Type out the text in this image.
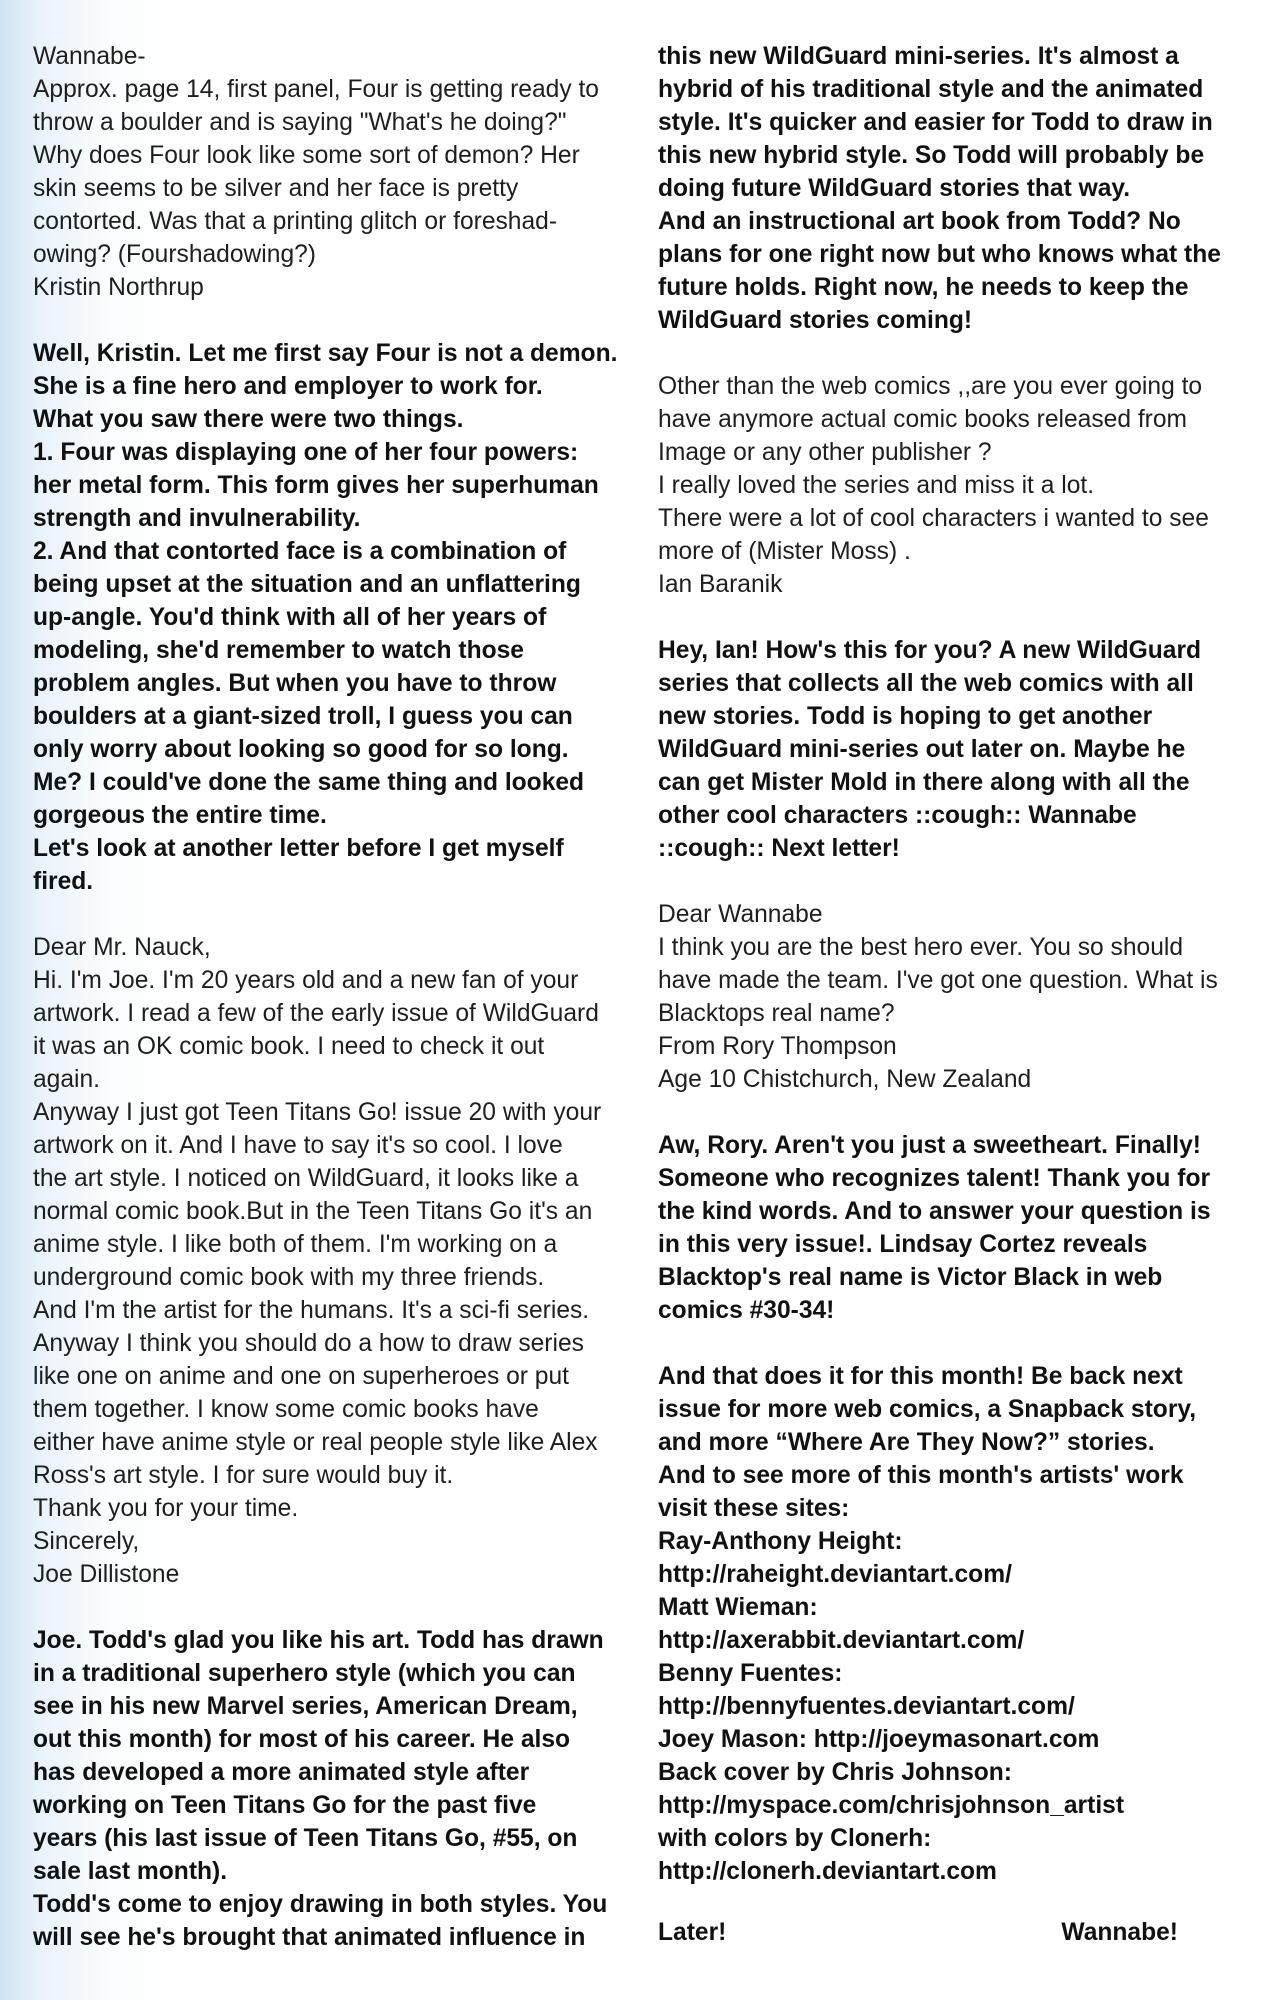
Wannabe-
Approx. page 14, first panel, Four is getting ready to
throw a boulder and is saying "What's he doing?"
Why does Four look like some sort of demon? Her
skin seems to be silver and her face is pretty
contorted. Was that a printing glitch or foreshad-
owing? (Fourshadowing?)
Kristin Northrup
Well, Kristin. Let me first say Four is not a demon.
She is a fine hero and employer to work for.
What you saw there were two things.
1. Four was displaying one of her four powers:
her metal form. This form gives her superhuman
strength and invulnerability.
2. And that contorted face is a combination of
being upset at the situation and an unflattering
up-angle. You'd think with all of her years of
modeling, she'd remember to watch those
problem angles. But when you have to throw
boulders at a giant-sized troll, I guess you can
only worry about looking so good for so long.
Me? I could've done the same thing and looked
gorgeous the entire time.
Let's look at another letter before I get myself
fired.
Dear Mr. Nauck,
Hi. I'm Joe. I'm 20 years old and a new fan of your
artwork. I read a few of the early issue of WildGuard
it was an OK comic book. I need to check it out
again.
Anyway I just got Teen Titans Go! issue 20 with your
artwork on it. And I have to say it's so cool. I love
the art style. I noticed on WildGuard, it looks like a
normal comic book.But in the Teen Titans Go it's an
anime style. I like both of them. I'm working on a
underground comic book with my three friends.
And I'm the artist for the humans. It's a sci-fi series.
Anyway I think you should do a how to draw series
like one on anime and one on superheroes or put
them together. I know some comic books have
either have anime style or real people style like Alex
Ross's art style. I for sure would buy it.
Thank you for your time.
Sincerely,
Joe Dillistone
Joe. Todd's glad you like his art. Todd has drawn
in a traditional superhero style (which you can
see in his new Marvel series, American Dream,
out this month) for most of his career. He also
has developed a more animated style after
working on Teen Titans Go for the past five
years (his last issue of Teen Titans Go, #55, on
sale last month).
Todd's come to enjoy drawing in both styles. You
will see he's brought that animated influence in
this new WildGuard mini-series. It's almost a
hybrid of his traditional style and the animated
style. It's quicker and easier for Todd to draw in
this new hybrid style. So Todd will probably be
doing future WildGuard stories that way.
And an instructional art book from Todd? No
plans for one right now but who knows what the
future holds. Right now, he needs to keep the
WildGuard stories coming!
Other than the web comics ,,are you ever going to
have anymore actual comic books released from
Image or any other publisher ?
I really loved the series and miss it a lot.
There were a lot of cool characters i wanted to see
more of (Mister Moss) .
Ian Baranik
Hey, Ian! How's this for you? A new WildGuard
series that collects all the web comics with all
new stories. Todd is hoping to get another
WildGuard mini-series out later on. Maybe he
can get Mister Mold in there along with all the
other cool characters ::cough:: Wannabe
::cough:: Next letter!
Dear Wannabe
I think you are the best hero ever. You so should
have made the team. I've got one question. What is
Blacktops real name?
From Rory Thompson
Age 10 Chistchurch, New Zealand
Aw, Rory. Aren't you just a sweetheart. Finally!
Someone who recognizes talent! Thank you for
the kind words. And to answer your question is
in this very issue!. Lindsay Cortez reveals
Blacktop's real name is Victor Black in web
comics #30-34!
And that does it for this month! Be back next
issue for more web comics, a Snapback story,
and more “Where Are They Now?” stories.
And to see more of this month's artists' work
visit these sites:
Ray-Anthony Height:
http://raheight.deviantart.com/
Matt Wieman:
http://axerabbit.deviantart.com/
Benny Fuentes:
http://bennyfuentes.deviantart.com/
Joey Mason: http://joeymasonart.com
Back cover by Chris Johnson:
http://myspace.com/chrisjohnson_artist
with colors by Clonerh:
http://clonerh.deviantart.com
Later!	Wannabe!
